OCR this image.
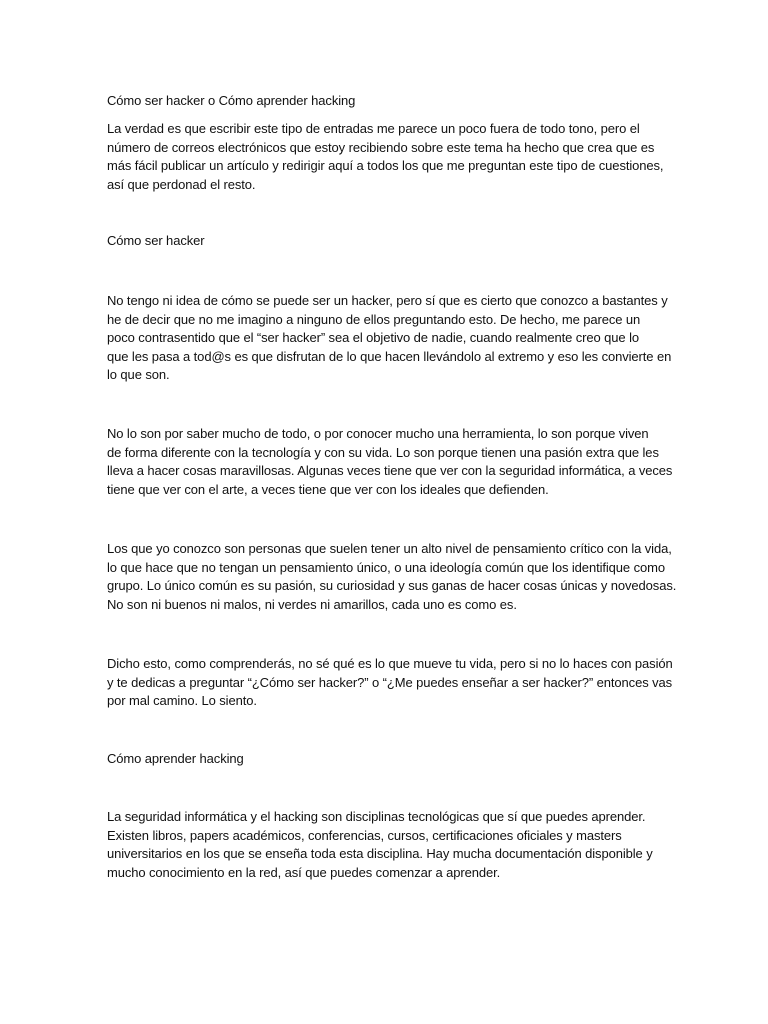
Cómo ser hacker o Cómo aprender hacking
La verdad es que escribir este tipo de entradas me parece un poco fuera de todo tono, pero el
número de correos electrónicos que estoy recibiendo sobre este tema ha hecho que crea que es
más fácil publicar un artículo y redirigir aquí a todos los que me preguntan este tipo de cuestiones,
así que perdonad el resto.
Cómo ser hacker
No tengo ni idea de cómo se puede ser un hacker, pero sí que es cierto que conozco a bastantes y
he de decir que no me imagino a ninguno de ellos preguntando esto. De hecho, me parece un
poco contrasentido que el “ser hacker” sea el objetivo de nadie, cuando realmente creo que lo
que les pasa a tod@s es que disfrutan de lo que hacen llevándolo al extremo y eso les convierte en
lo que son.
No lo son por saber mucho de todo, o por conocer mucho una herramienta, lo son porque viven
de forma diferente con la tecnología y con su vida. Lo son porque tienen una pasión extra que les
lleva a hacer cosas maravillosas. Algunas veces tiene que ver con la seguridad informática, a veces
tiene que ver con el arte, a veces tiene que ver con los ideales que defienden.
Los que yo conozco son personas que suelen tener un alto nivel de pensamiento crítico con la vida,
lo que hace que no tengan un pensamiento único, o una ideología común que los identifique como
grupo. Lo único común es su pasión, su curiosidad y sus ganas de hacer cosas únicas y novedosas.
No son ni buenos ni malos, ni verdes ni amarillos, cada uno es como es.
Dicho esto, como comprenderás, no sé qué es lo que mueve tu vida, pero si no lo haces con pasión
y te dedicas a preguntar “¿Cómo ser hacker?” o “¿Me puedes enseñar a ser hacker?” entonces vas
por mal camino. Lo siento.
Cómo aprender hacking
La seguridad informática y el hacking son disciplinas tecnológicas que sí que puedes aprender.
Existen libros, papers académicos, conferencias, cursos, certificaciones oficiales y masters
universitarios en los que se enseña toda esta disciplina. Hay mucha documentación disponible y
mucho conocimiento en la red, así que puedes comenzar a aprender.
